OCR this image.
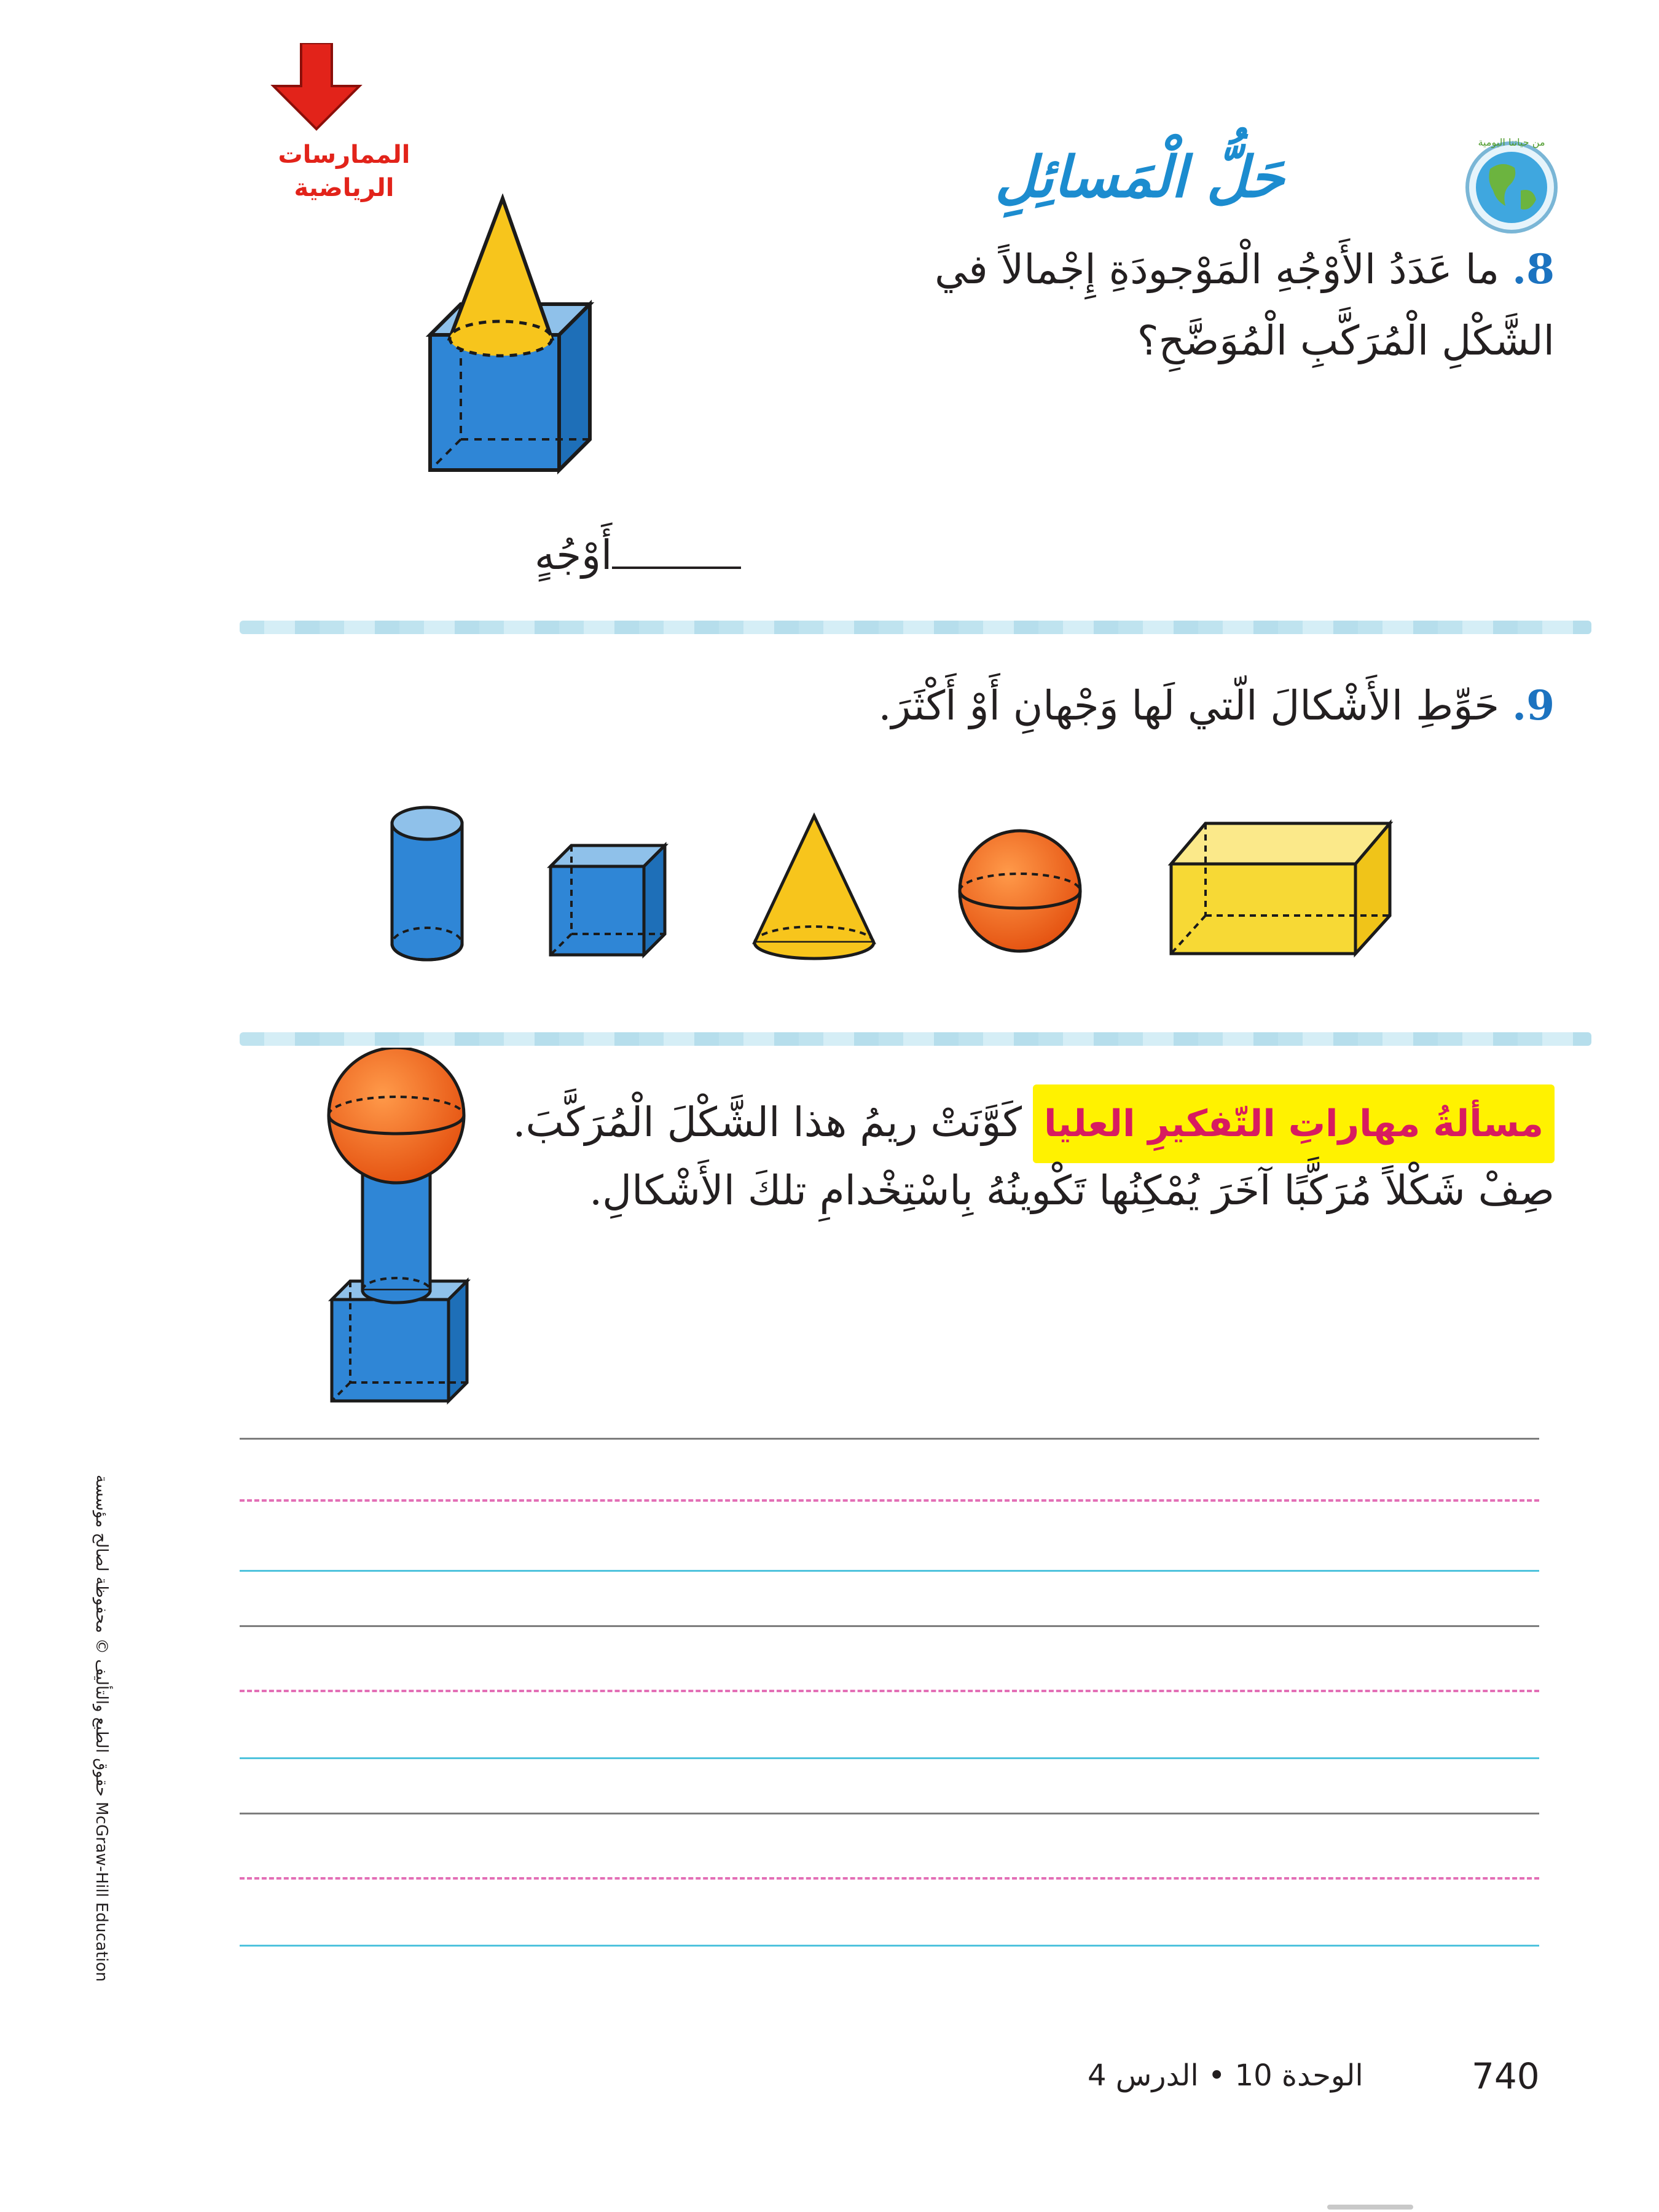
الممارسات
الرياضية
من حياتنا اليومية
حَلُّ الْمَسائِلِ
8. ما عَدَدُ الأَوْجُهِ الْمَوْجودَةِ إِجْمالاً في
الشَّكْلِ الْمُرَكَّبِ الْمُوَضَّحِ؟
أَوْجُهٍ
9. حَوِّطِ الأَشْكالَ الّتي لَها وَجْهانِ أَوْ أَكْثَرَ.
مسألةُ مهاراتِ التّفكيرِ العلياكَوَّنَتْ ريمُ هذا الشَّكْلَ الْمُرَكَّبَ.
صِفْ شَكْلاً مُرَكَّبًا آخَرَ يُمْكِنُها تَكْوينُهُ بِاسْتِخْدامِ تلكَ الأَشْكالِ.
حقوق الطبع والتأليف © محفوظة لصالح مؤسسة McGraw-Hill Education
740
الوحدة 10 • الدرس 4
